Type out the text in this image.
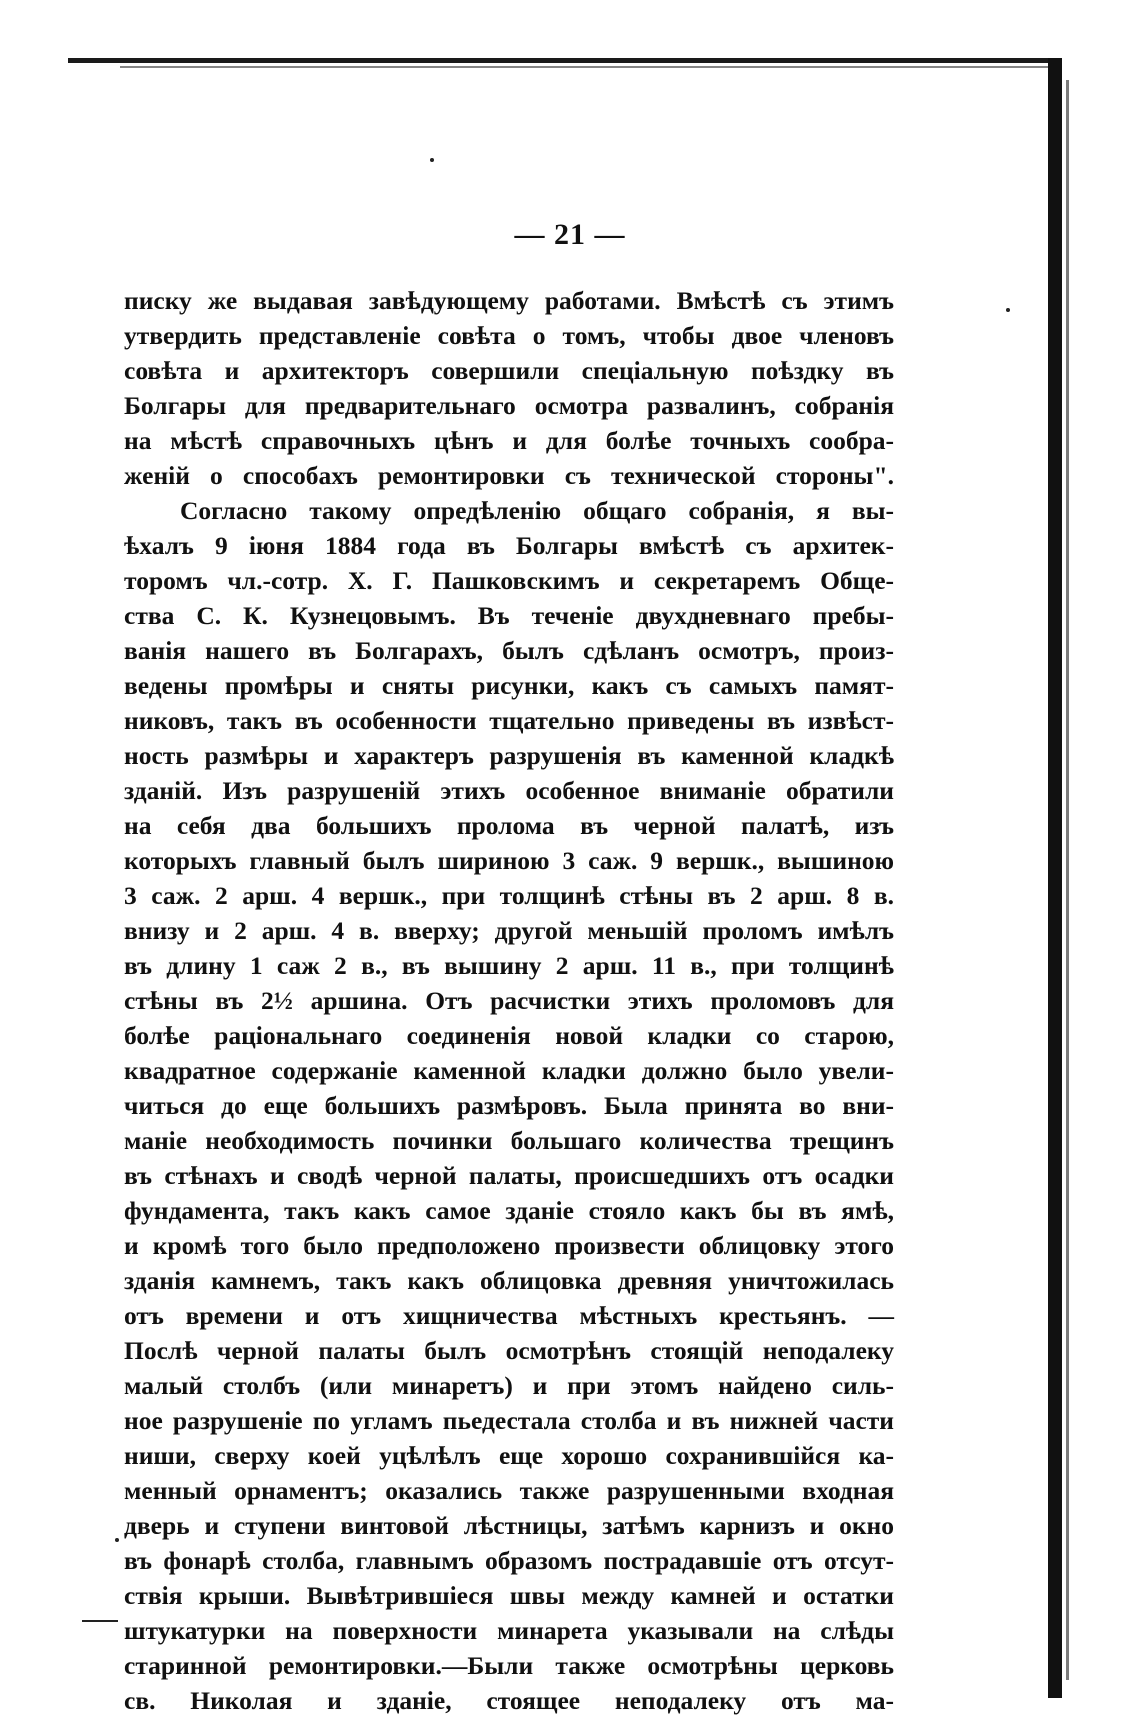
— 21 —
писку же выдавая завѣдующему работами. Вмѣстѣ съ этимъ
утвердить представленіе совѣта о томъ, чтобы двое членовъ
совѣта и архитекторъ совершили спеціальную поѣздку въ
Болгары для предварительнаго осмотра развалинъ, собранія
на мѣстѣ справочныхъ цѣнъ и для болѣе точныхъ сообра-
женій о способахъ ремонтировки съ технической стороны".
Согласно такому опредѣленію общаго собранія, я вы-
ѣхалъ 9 іюня 1884 года въ Болгары вмѣстѣ съ архитек-
торомъ чл.-сотр. Х. Г. Пашковскимъ и секретаремъ Обще-
ства С. К. Кузнецовымъ. Въ теченіе двухдневнаго пребы-
ванія нашего въ Болгарахъ, былъ сдѣланъ осмотръ, произ-
ведены промѣры и сняты рисунки, какъ съ самыхъ памят-
никовъ, такъ въ особенности тщательно приведены въ извѣст-
ность размѣры и характеръ разрушенія въ каменной кладкѣ
зданій. Изъ разрушеній этихъ особенное вниманіе обратили
на себя два большихъ пролома въ черной палатѣ, изъ
которыхъ главный былъ шириною 3 саж. 9 вершк., вышиною
3 саж. 2 арш. 4 вершк., при толщинѣ стѣны въ 2 арш. 8 в.
внизу и 2 арш. 4 в. вверху; другой меньшій проломъ имѣлъ
въ длину 1 саж 2 в., въ вышину 2 арш. 11 в., при толщинѣ
стѣны въ 2½ аршина. Отъ расчистки этихъ проломовъ для
болѣе раціональнаго соединенія новой кладки со старою,
квадратное содержаніе каменной кладки должно было увели-
читься до еще большихъ размѣровъ. Была принята во вни-
маніе необходимость починки большаго количества трещинъ
въ стѣнахъ и сводѣ черной палаты, происшедшихъ отъ осадки
фундамента, такъ какъ самое зданіе стояло какъ бы въ ямѣ,
и кромѣ того было предположено произвести облицовку этого
зданія камнемъ, такъ какъ облицовка древняя уничтожилась
отъ времени и отъ хищничества мѣстныхъ крестьянъ. —
Послѣ черной палаты былъ осмотрѣнъ стоящій неподалеку
малый столбъ (или минаретъ) и при этомъ найдено силь-
ное разрушеніе по угламъ пьедестала столба и въ нижней части
ниши, сверху коей уцѣлѣлъ еще хорошо сохранившійся ка-
менный орнаментъ; оказались также разрушенными входная
дверь и ступени винтовой лѣстницы, затѣмъ карнизъ и окно
въ фонарѣ столба, главнымъ образомъ пострадавшіе отъ отсут-
ствія крыши. Вывѣтрившіеся швы между камней и остатки
штукатурки на поверхности минарета указывали на слѣды
старинной ремонтировки.—Были также осмотрѣны церковь
св. Николая и зданіе, стоящее неподалеку отъ ма-
